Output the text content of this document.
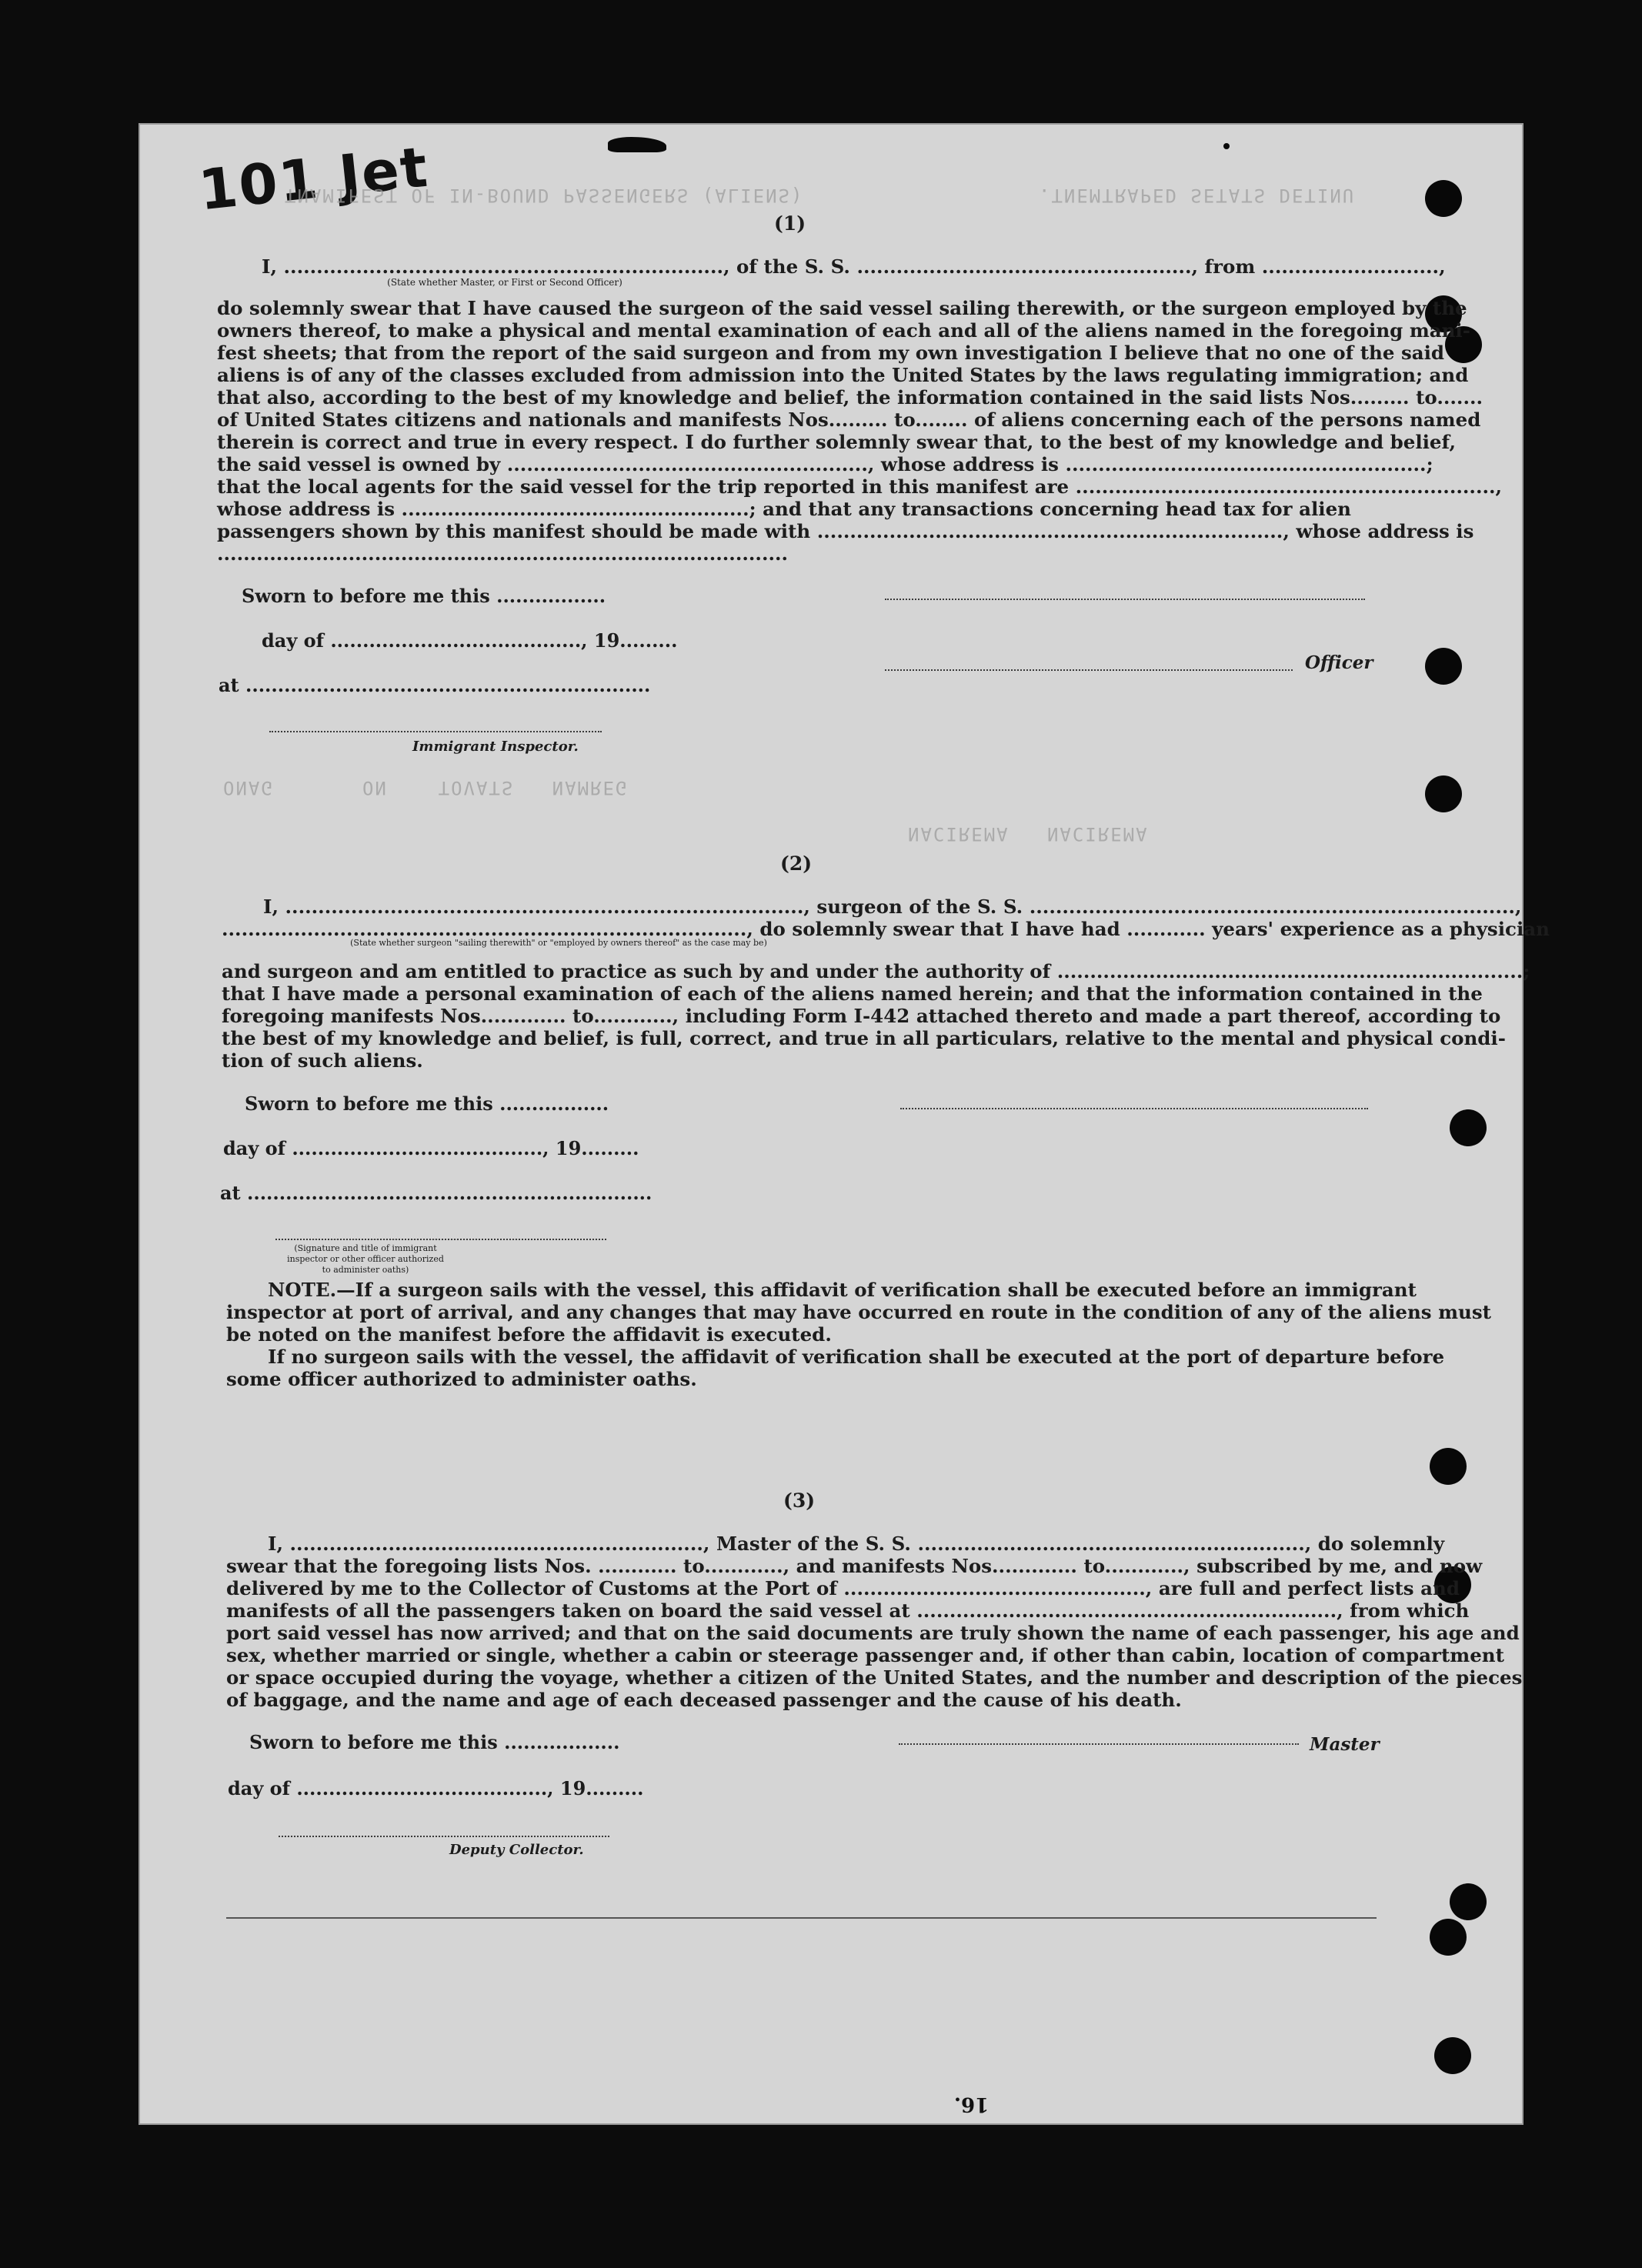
101 Jet
TNAMIFEST OF IN-BOUND PASSENGERS (ALIENS)	.TNEMTRAPED SETATS DETINU
ONAG       ON    TOVATS   NAMREG
NACIREMA   NACIREMA
(1)
I, ..................................................................., of the S. S. ..................................................., from ...........................,
(State whether Master, or First or Second Officer)
do solemnly swear that I have caused the surgeon of the said vessel sailing therewith, or the surgeon employed by the
owners thereof, to make a physical and mental examination of each and all of the aliens named in the foregoing mani-
fest sheets; that from the report of the said surgeon and from my own investigation I believe that no one of the said
aliens is of any of the classes excluded from admission into the United States by the laws regulating immigration; and
that also, according to the best of my knowledge and belief, the information contained in the said lists Nos......... to.......
of United States citizens and nationals and manifests Nos......... to........ of aliens concerning each of the persons named
therein is correct and true in every respect. I do further solemnly swear that, to the best of my knowledge and belief,
the said vessel is owned by ......................................................., whose address is .......................................................;
that the local agents for the said vessel for the trip reported in this manifest are ................................................................,
whose address is .....................................................; and that any transactions concerning head tax for alien
passengers shown by this manifest should be made with ......................................................................., whose address is
.......................................................................................
Sworn to before me this .................
day of ......................................., 19.........
at ...............................................................
Officer
Immigrant Inspector.
(2)
I, ..............................................................................., surgeon of the S. S. ..........................................................................,
................................................................................, do solemnly swear that I have had ............ years' experience as a physician
(State whether surgeon "sailing therewith" or "employed by owners thereof" as the case may be)
and surgeon and am entitled to practice as such by and under the authority of .......................................................................;
that I have made a personal examination of each of the aliens named herein; and that the information contained in the
foregoing manifests Nos............. to............, including Form I-442 attached thereto and made a part thereof, according to
the best of my knowledge and belief, is full, correct, and true in all particulars, relative to the mental and physical condi-
tion of such aliens.
Sworn to before me this .................
day of ......................................., 19.........
at ...............................................................
(Signature and title of immigrant inspector or other officer authorized to administer oaths)
NOTE.—If a surgeon sails with the vessel, this affidavit of verification shall be executed before an immigrant
inspector at port of arrival, and any changes that may have occurred en route in the condition of any of the aliens must
be noted on the manifest before the affidavit is executed.
If no surgeon sails with the vessel, the affidavit of verification shall be executed at the port of departure before
some officer authorized to administer oaths.
(3)
I, ..............................................................., Master of the S. S. ..........................................................., do solemnly
swear that the foregoing lists Nos. ............ to............, and manifests Nos............. to............, subscribed by me, and now
delivered by me to the Collector of Customs at the Port of .............................................., are full and perfect lists and
manifests of all the passengers taken on board the said vessel at ................................................................, from which
port said vessel has now arrived; and that on the said documents are truly shown the name of each passenger, his age and
sex, whether married or single, whether a cabin or steerage passenger and, if other than cabin, location of compartment
or space occupied during the voyage, whether a citizen of the United States, and the number and description of the pieces
of baggage, and the name and age of each deceased passenger and the cause of his death.
Sworn to before me this ..................
day of ......................................., 19.........
Master
Deputy Collector.
16.
